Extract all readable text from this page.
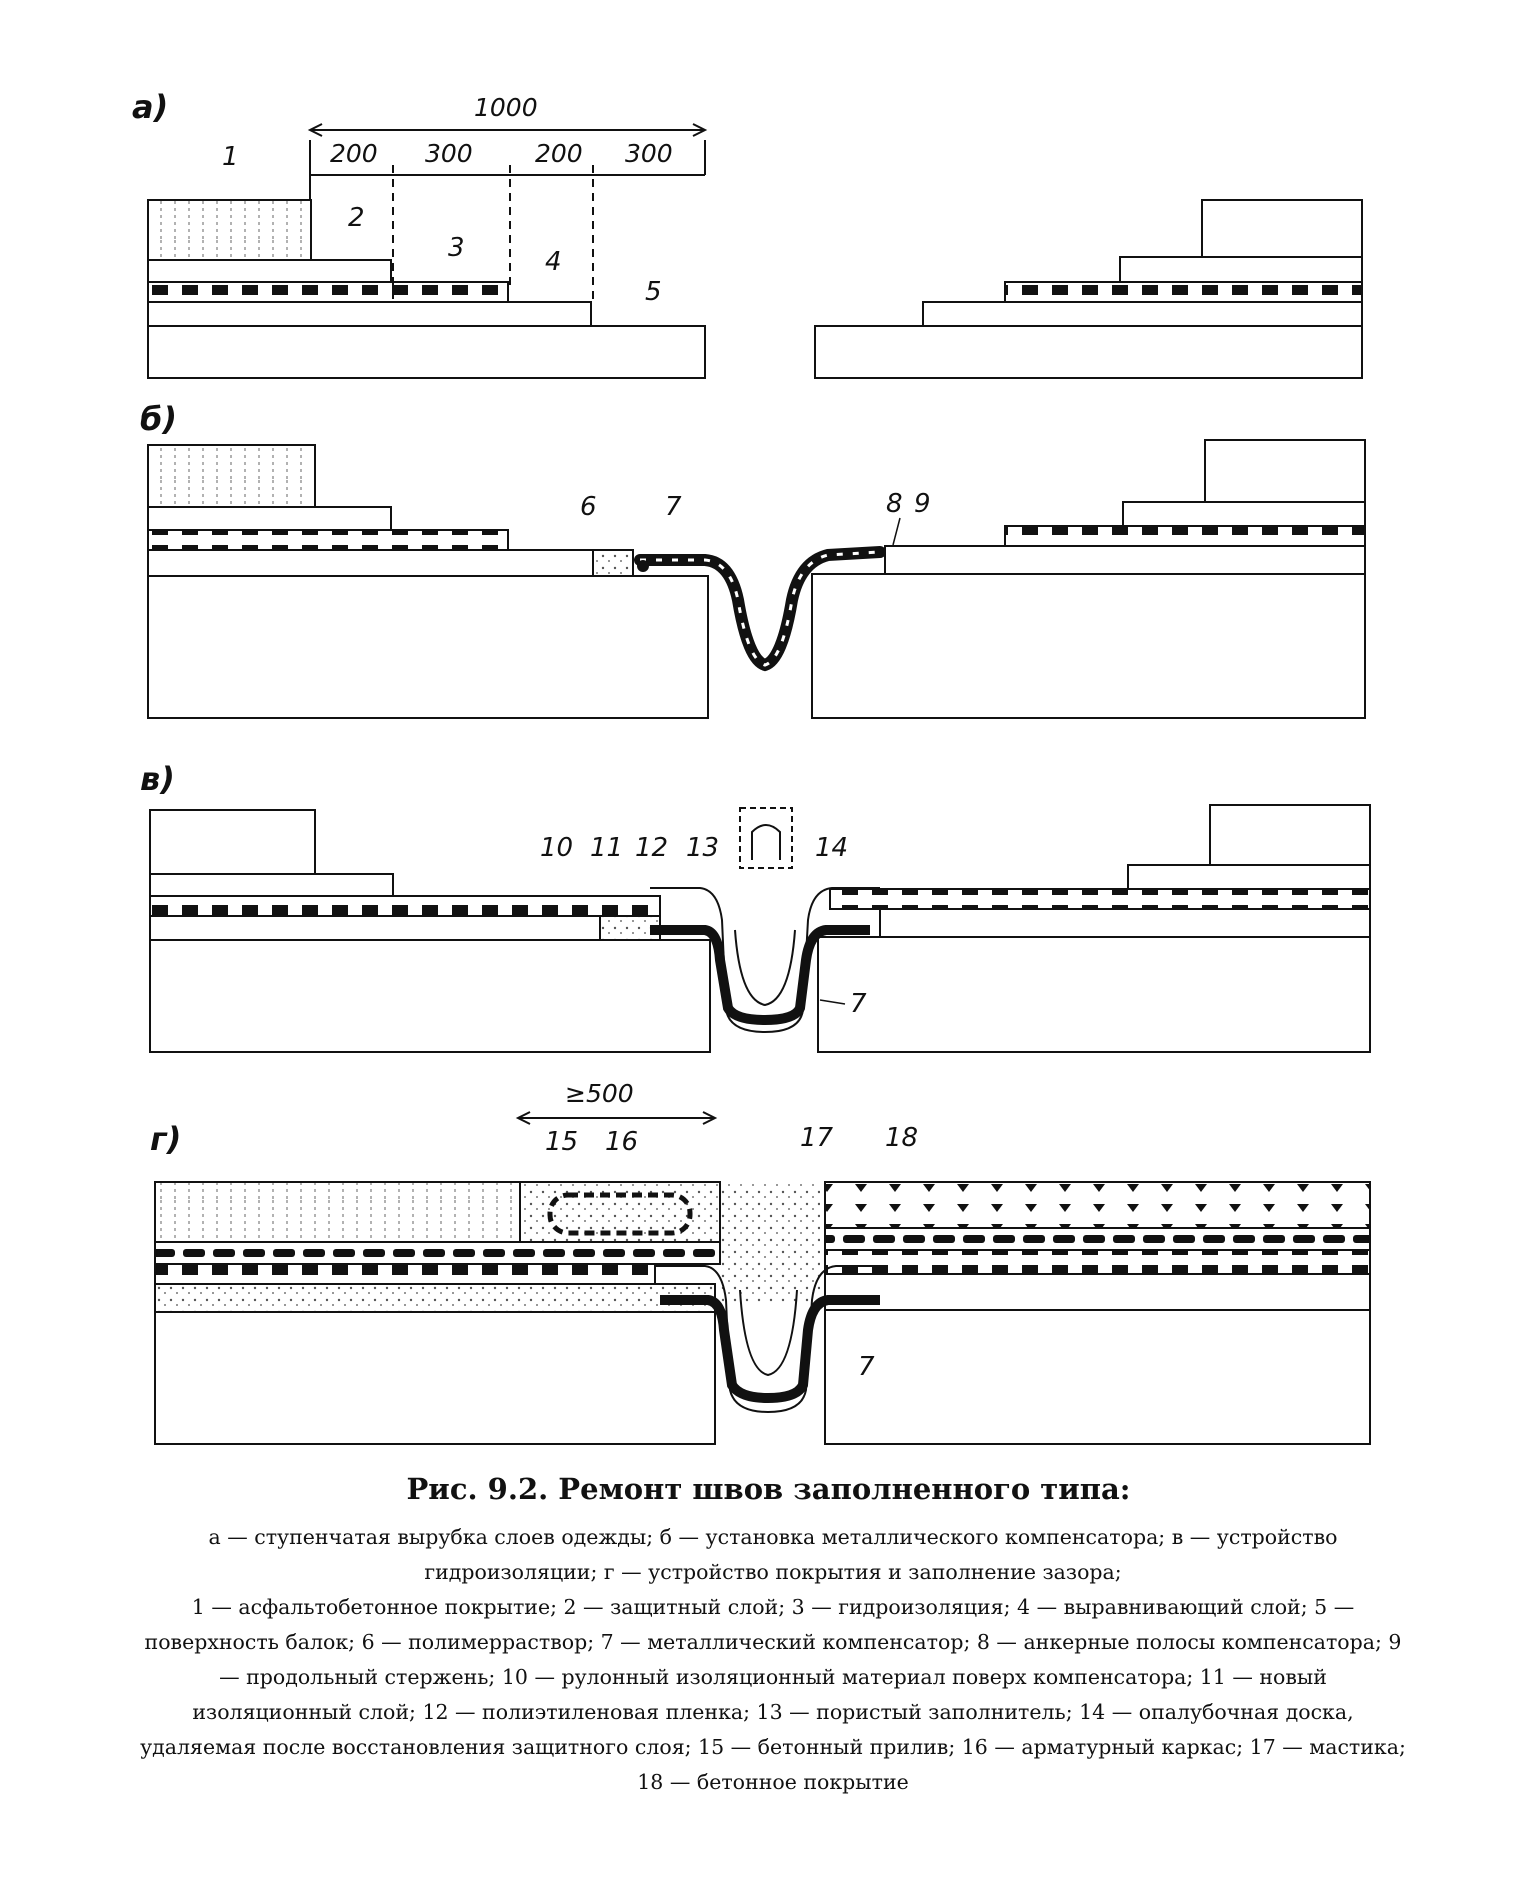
а)	1000
200 300 200 300
1
2
3	4
5
б)
6	7	8 9
в)
10 11 12 13	14
7
г)
≥500
15 16	17 18
7
Рис. 9.2. Ремонт швов заполненного типа:

а — ступенчатая вырубка слоев одежды; б — установка металлического компенсатора; в — устройство гидроизоляции; г — устройство покрытия и заполнение зазора;

1 — асфальтобетонное покрытие; 2 — защитный слой; 3 — гидроизоляция; 4 — выравнивающий слой; 5 — поверхность балок; 6 — полимерраствор; 7 — металлический компенсатор; 8 — анкерные полосы компенсатора; 9 — продольный стержень; 10 — рулонный изоляционный материал поверх компенсатора; 11 — новый изоляционный слой; 12 — полиэтиленовая пленка; 13 — пористый заполнитель; 14 — опалубочная доска, удаляемая после восстановления защитного слоя; 15 — бетонный прилив; 16 — арматурный каркас; 17 — мастика; 18 — бетонное покрытие
